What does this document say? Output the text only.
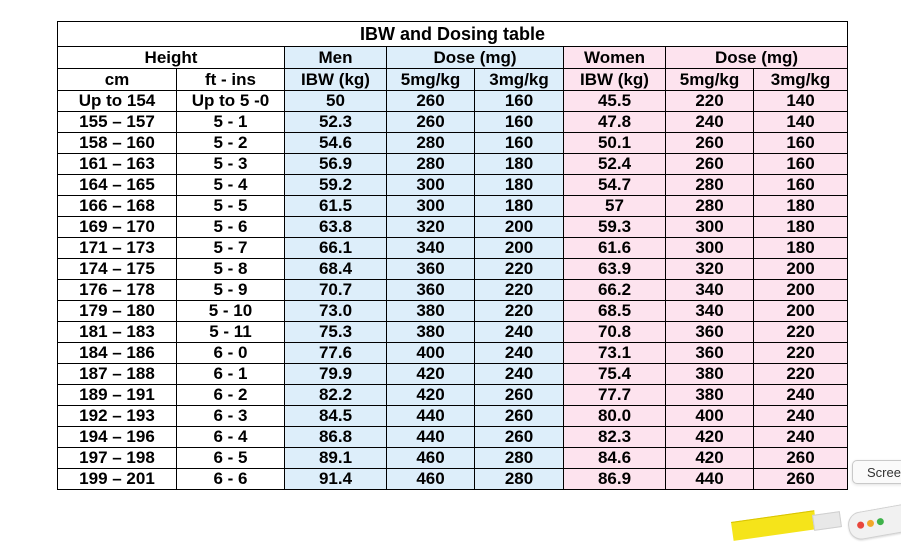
IBW and Dosing table							
Height		Men	Dose (mg)		Women	Dose (mg)	
cm	ft - ins	IBW (kg)	5mg/kg	3mg/kg	IBW (kg)	5mg/kg	3mg/kg
Up to 154	Up to 5 -0	50	260	160	45.5	220	140
155 – 157	5 - 1	52.3	260	160	47.8	240	140
158 – 160	5 - 2	54.6	280	160	50.1	260	160
161 – 163	5 - 3	56.9	280	180	52.4	260	160
164 – 165	5 - 4	59.2	300	180	54.7	280	160
166 – 168	5 - 5	61.5	300	180	57	280	180
169 – 170	5 - 6	63.8	320	200	59.3	300	180
171 – 173	5 - 7	66.1	340	200	61.6	300	180
174 – 175	5 - 8	68.4	360	220	63.9	320	200
176 – 178	5 - 9	70.7	360	220	66.2	340	200
179 – 180	5 - 10	73.0	380	220	68.5	340	200
181 – 183	5 - 11	75.3	380	240	70.8	360	220
184 – 186	6 - 0	77.6	400	240	73.1	360	220
187 – 188	6 - 1	79.9	420	240	75.4	380	220
189 – 191	6 - 2	82.2	420	260	77.7	380	240
192 – 193	6 - 3	84.5	440	260	80.0	400	240
194 – 196	6 - 4	86.8	440	260	82.3	420	240
197 – 198	6 - 5	89.1	460	280	84.6	420	260
199 – 201	6 - 6	91.4	460	280	86.9	440	260	Scree
